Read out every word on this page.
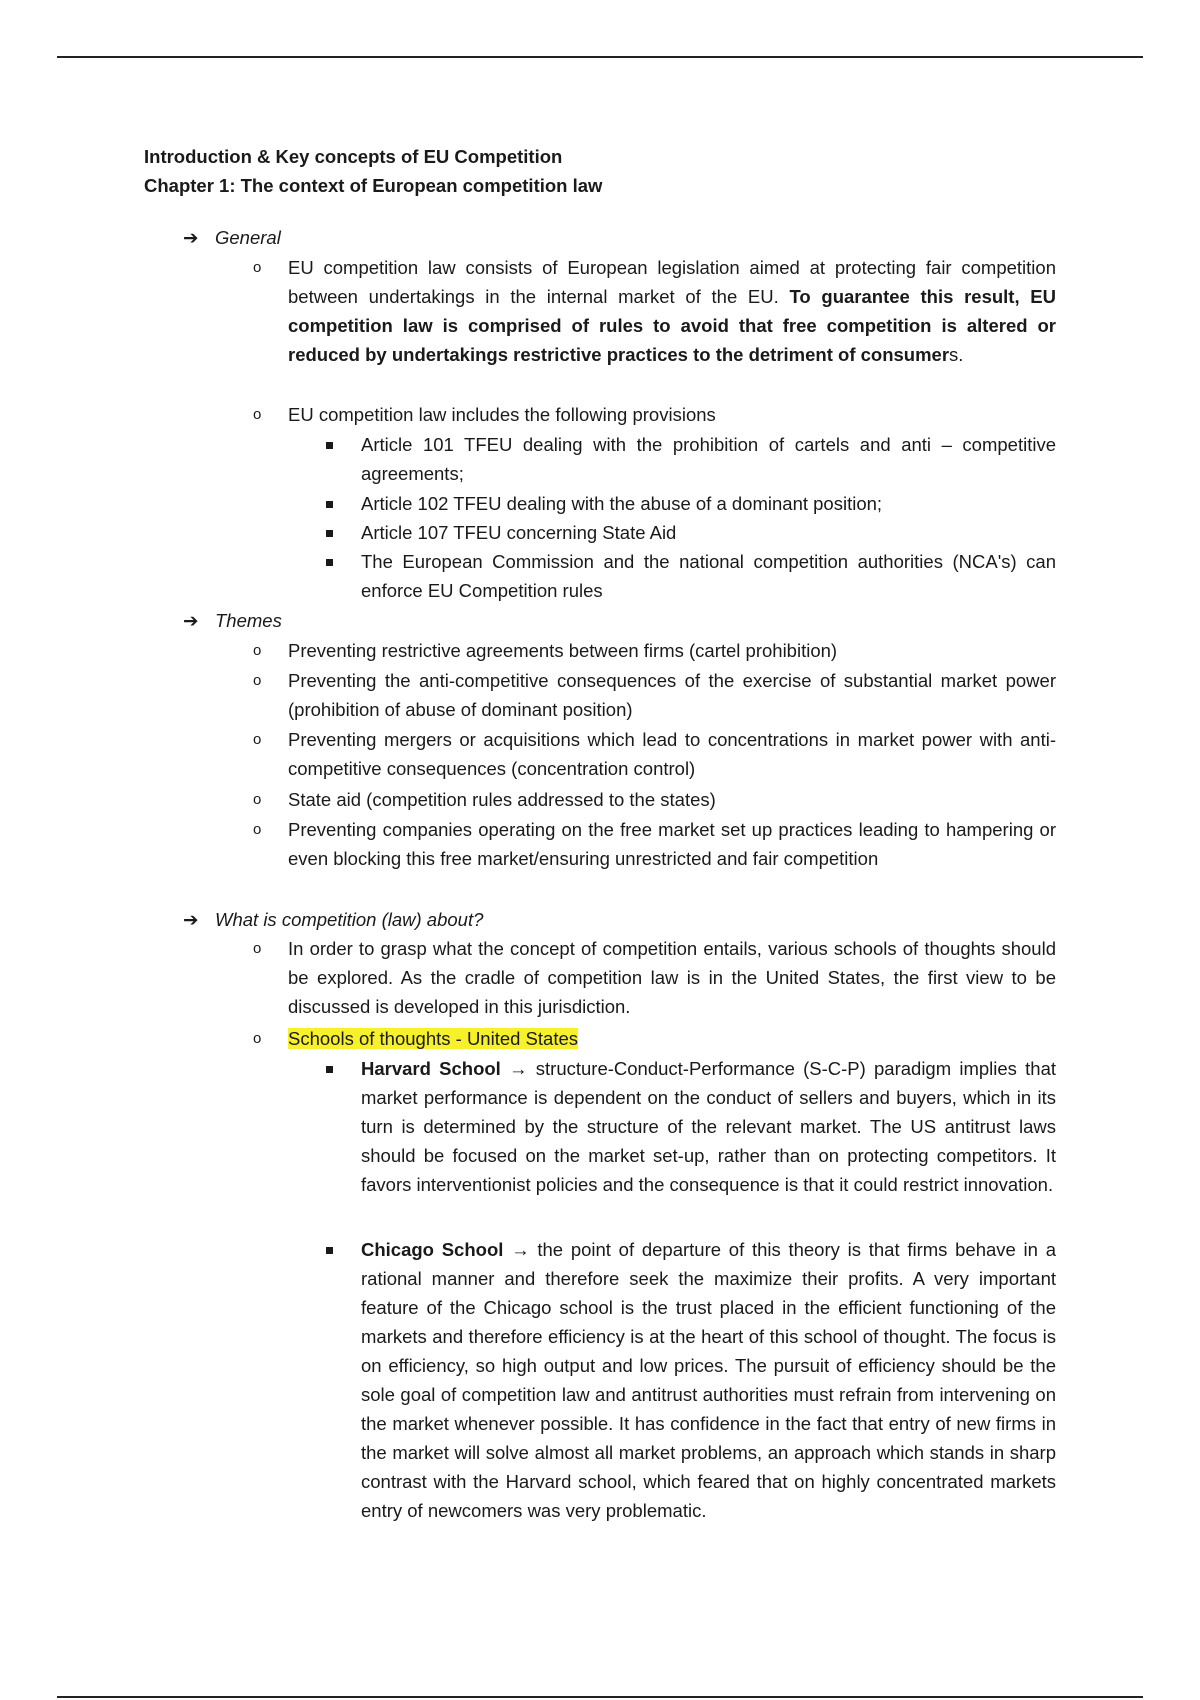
Introduction & Key concepts of EU Competition
Chapter 1: The context of European competition law
➔ General
o EU competition law consists of European legislation aimed at protecting fair competition between undertakings in the internal market of the EU. To guarantee this result, EU competition law is comprised of rules to avoid that free competition is altered or reduced by undertakings restrictive practices to the detriment of consumers.

o EU competition law includes the following provisions
Article 101 TFEU dealing with the prohibition of cartels and anti – competitive agreements;
Article 102 TFEU dealing with the abuse of a dominant position;
Article 107 TFEU concerning State Aid
The European Commission and the national competition authorities (NCA's) can enforce EU Competition rules
➔ Themes
o Preventing restrictive agreements between firms (cartel prohibition)
o Preventing the anti-competitive consequences of the exercise of substantial market power (prohibition of abuse of dominant position)
o Preventing mergers or acquisitions which lead to concentrations in market power with anti-competitive consequences (concentration control)
o State aid (competition rules addressed to the states)
o Preventing companies operating on the free market set up practices leading to hampering or even blocking this free market/ensuring unrestricted and fair competition
➔ What is competition (law) about?
o In order to grasp what the concept of competition entails, various schools of thoughts should be explored. As the cradle of competition law is in the United States, the first view to be discussed is developed in this jurisdiction.
o Schools of thoughts - United States

Harvard School → structure-Conduct-Performance (S-C-P) paradigm implies that market performance is dependent on the conduct of sellers and buyers, which in its turn is determined by the structure of the relevant market. The US antitrust laws should be focused on the market set-up, rather than on protecting competitors. It favors interventionist policies and the consequence is that it could restrict innovation.

Chicago School → the point of departure of this theory is that firms behave in a rational manner and therefore seek the maximize their profits. A very important feature of the Chicago school is the trust placed in the efficient functioning of the markets and therefore efficiency is at the heart of this school of thought. The focus is on efficiency, so high output and low prices. The pursuit of efficiency should be the sole goal of competition law and antitrust authorities must refrain from intervening on the market whenever possible. It has confidence in the fact that entry of new firms in the market will solve almost all market problems, an approach which stands in sharp contrast with the Harvard school, which feared that on highly concentrated markets entry of newcomers was very problematic.
